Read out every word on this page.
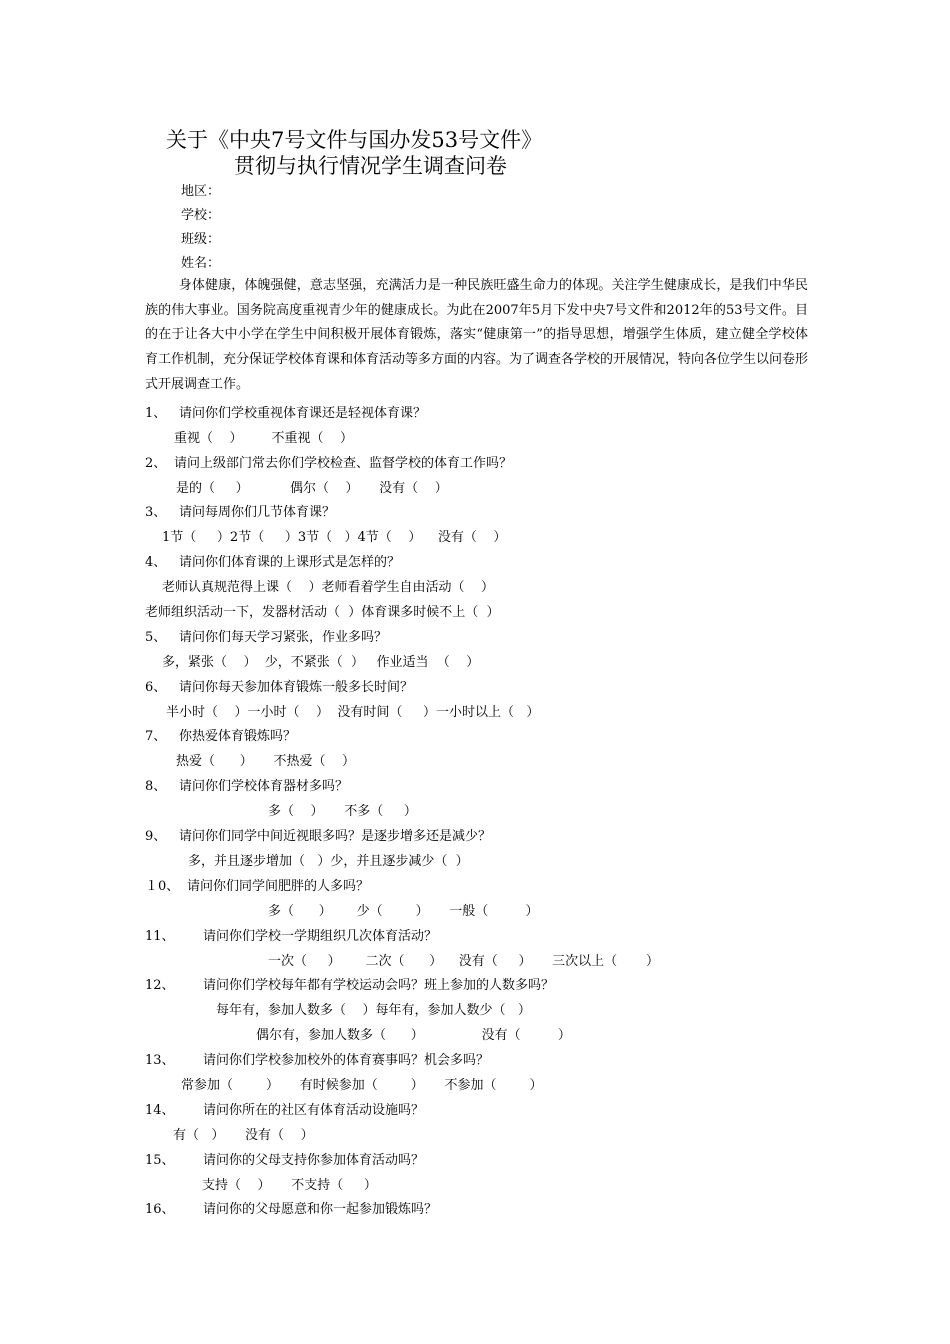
关于《中央7号文件与国办发53号文件》
贯彻与执行情况学生调查问卷
地区：
学校：
班级：
姓名：
身体健康，体魄强健，意志坚强，充满活力是一种民族旺盛生命力的体现。关注学生健康成长，是我们中华民族的伟大事业。国务院高度重视青少年的健康成长。为此在2007年5月下发中央7号文件和2012年的53号文件。目的在于让各大中小学在学生中间积极开展体育锻炼，落实“健康第一”的指导思想，增强学生体质，建立健全学校体育工作机制，充分保证学校体育课和体育活动等多方面的内容。为了调查各学校的开展情况，特向各位学生以问卷形式开展调查工作。
1、 请问你们学校重视体育课还是轻视体育课？
重视（    ）       不重视（    ）
2、 请问上级部门常去你们学校检查、监督学校的体育工作吗？
是的（     ）          偶尔（    ）     没有（    ）
3、 请问每周你们几节体育课？
1节（     ）2节（     ）3节（   ）4节（    ）    没有（    ）
4、 请问你们体育课的上课形式是怎样的？
老师认真规范得上课（    ）老师看着学生自由活动（    ）
老师组织活动一下，发器材活动（  ）体育课多时候不上（  ）
5、 请问你们每天学习紧张，作业多吗？
多，紧张（    ）  少，不紧张（  ）   作业适当  （    ）
6、 请问你每天参加体育锻炼一般多长时间？
半小时（    ）一小时（    ）  没有时间（     ）一小时以上（   ）
7、 你热爱体育锻炼吗？
热爱（      ）     不热爱（    ）
8、 请问你们学校体育器材多吗？
多（    ）     不多（     ）
9、 请问你们同学中间近视眼多吗？是逐步增多还是减少？
多，并且逐步增加（   ）少，并且逐步减少（  ）
１0、 请问你们同学间肥胖的人多吗？
多（      ）      少（        ）     一般（         ）
11、 请问你们学校一学期组织几次体育活动？
一次（     ）      二次（      ）    没有（     ）     三次以上（       ）
12、 请问你们学校每年都有学校运动会吗？班上参加的人数多吗？
每年有，参加人数多（    ）每年有，参加人数少（   ）
偶尔有，参加人数多（      ）              没有（         ）
13、 请问你们学校参加校外的体育赛事吗？机会多吗？
常参加（        ）     有时候参加（        ）     不参加（        ）
14、 请问你所在的社区有体育活动设施吗？
有（   ）     没有（    ）
15、 请问你的父母支持你参加体育活动吗？
支持（    ）     不支持（     ）
16、 请问你的父母愿意和你一起参加锻炼吗？
